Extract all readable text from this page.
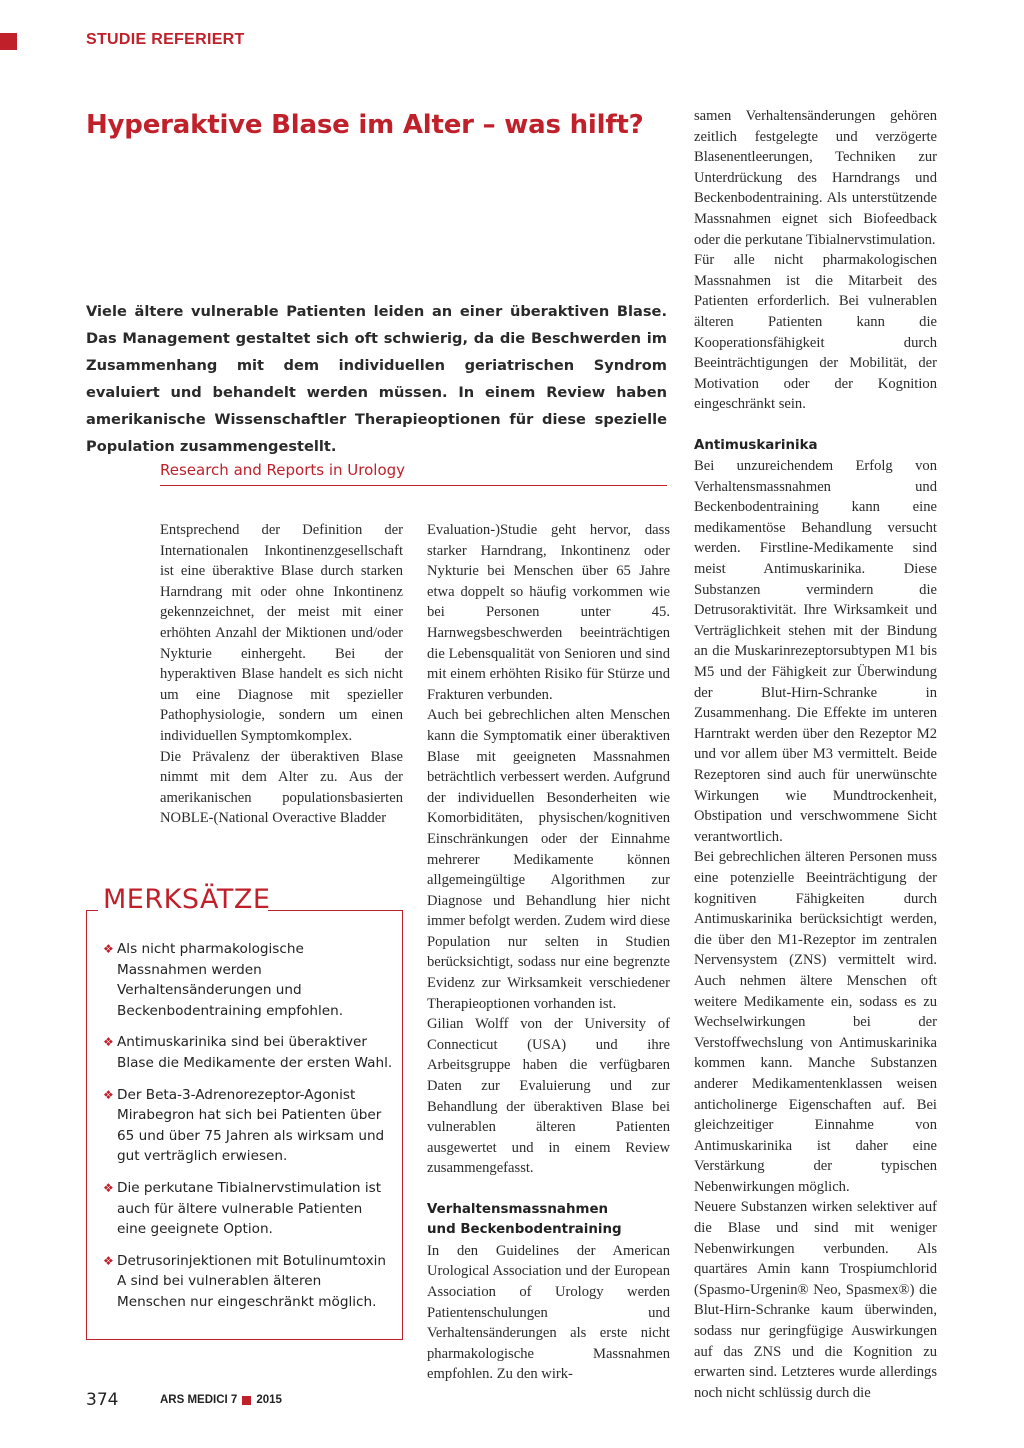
STUDIE REFERIERT
Hyperaktive Blase im Alter – was hilft?

Viele ältere vulnerable Patienten leiden an einer überaktiven Blase. Das Management gestaltet sich oft schwierig, da die Beschwerden im Zusammenhang mit dem individuellen geriatrischen Syndrom evaluiert und behandelt werden müssen. In einem Review haben amerikanische Wissenschaftler Therapieoptionen für diese spezielle Population zusammengestellt.

Research and Reports in Urology

Entsprechend der Definition der Internationalen Inkontinenzgesellschaft ist eine überaktive Blase durch starken Harndrang mit oder ohne Inkontinenz gekennzeichnet, der meist mit einer erhöhten Anzahl der Miktionen und/oder Nykturie einhergeht. Bei der hyperaktiven Blase handelt es sich nicht um eine Diagnose mit spezieller Pathophysiologie, sondern um einen individuellen Symptomkomplex.

Die Prävalenz der überaktiven Blase nimmt mit dem Alter zu. Aus der amerikanischen populationsbasierten NOBLE-(National Overactive Bladder

Evaluation-)Studie geht hervor, dass starker Harndrang, Inkontinenz oder Nykturie bei Menschen über 65 Jahre etwa doppelt so häufig vorkommen wie bei Personen unter 45. Harnwegsbeschwerden beeinträchtigen die Lebensqualität von Senioren und sind mit einem erhöhten Risiko für Stürze und Frakturen verbunden.

Auch bei gebrechlichen alten Menschen kann die Symptomatik einer überaktiven Blase mit geeigneten Massnahmen beträchtlich verbessert werden. Aufgrund der individuellen Besonderheiten wie Komorbiditäten, physischen/kognitiven Einschränkungen oder der Einnahme mehrerer Medikamente können allgemeingültige Algorithmen zur Diagnose und Behandlung hier nicht immer befolgt werden. Zudem wird diese Population nur selten in Studien berücksichtigt, sodass nur eine begrenzte Evidenz zur Wirksamkeit verschiedener Therapieoptionen vorhanden ist.

Gilian Wolff von der University of Connecticut (USA) und ihre Arbeitsgruppe haben die verfügbaren Daten zur Evaluierung und zur Behandlung der überaktiven Blase bei vulnerablen älteren Patienten ausgewertet und in einem Review zusammengefasst.

Verhaltensmassnahmen
und Beckenbodentraining

In den Guidelines der American Urological Association und der European Association of Urology werden Patientenschulungen und Verhaltensänderungen als erste nicht pharmakologische Massnahmen empfohlen. Zu den wirk-

samen Verhaltensänderungen gehören zeitlich festgelegte und verzögerte Blasenentleerungen, Techniken zur Unterdrückung des Harndrangs und Beckenbodentraining. Als unterstützende Massnahmen eignet sich Biofeedback oder die perkutane Tibialnervstimulation.

Für alle nicht pharmakologischen Massnahmen ist die Mitarbeit des Patienten erforderlich. Bei vulnerablen älteren Patienten kann die Kooperationsfähigkeit durch Beeinträchtigungen der Mobilität, der Motivation oder der Kognition eingeschränkt sein.

Antimuskarinika

Bei unzureichendem Erfolg von Verhaltensmassnahmen und Beckenbodentraining kann eine medikamentöse Behandlung versucht werden. Firstline-Medikamente sind meist Antimuskarinika. Diese Substanzen vermindern die Detrusoraktivität. Ihre Wirksamkeit und Verträglichkeit stehen mit der Bindung an die Muskarinrezeptorsubtypen M1 bis M5 und der Fähigkeit zur Überwindung der Blut-Hirn-Schranke in Zusammenhang. Die Effekte im unteren Harntrakt werden über den Rezeptor M2 und vor allem über M3 vermittelt. Beide Rezeptoren sind auch für unerwünschte Wirkungen wie Mundtrockenheit, Obstipation und verschwommene Sicht verantwortlich.

Bei gebrechlichen älteren Personen muss eine potenzielle Beeinträchtigung der kognitiven Fähigkeiten durch Antimuskarinika berücksichtigt werden, die über den M1-Rezeptor im zentralen Nervensystem (ZNS) vermittelt wird. Auch nehmen ältere Menschen oft weitere Medikamente ein, sodass es zu Wechselwirkungen bei der Verstoffwechslung von Antimuskarinika kommen kann. Manche Substanzen anderer Medikamentenklassen weisen anticholinerge Eigenschaften auf. Bei gleichzeitiger Einnahme von Antimuskarinika ist daher eine Verstärkung der typischen Nebenwirkungen möglich.

Neuere Substanzen wirken selektiver auf die Blase und sind mit weniger Nebenwirkungen verbunden. Als quartäres Amin kann Trospiumchlorid (Spasmo-Urgenin® Neo, Spasmex®) die Blut-Hirn-Schranke kaum überwinden, sodass nur geringfügige Auswirkungen auf das ZNS und die Kognition zu erwarten sind. Letzteres wurde allerdings noch nicht schlüssig durch die

MERKSÄTZE
❖ Als nicht pharmakologische Massnahmen werden Verhaltensänderungen und Beckenbodentraining empfohlen.
❖ Antimuskarinika sind bei überaktiver Blase die Medikamente der ersten Wahl.
❖ Der Beta-3-Adrenorezeptor-Agonist Mirabegron hat sich bei Patienten über 65 und über 75 Jahren als wirksam und gut verträglich erwiesen.
❖ Die perkutane Tibialnervstimulation ist auch für ältere vulnerable Patienten eine geeignete Option.
❖ Detrusorinjektionen mit Botulinumtoxin A sind bei vulnerablen älteren Menschen nur eingeschränkt möglich.
374	ARS MEDICI 7 2015
